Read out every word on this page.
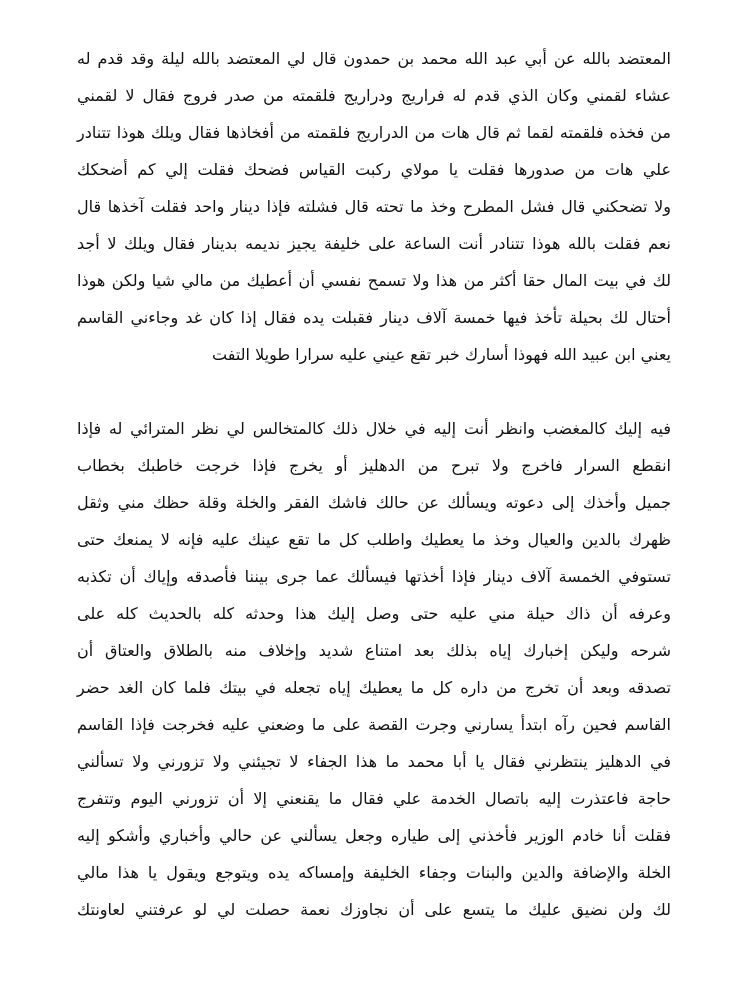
المعتضد بالله عن أبي عبد الله محمد بن حمدون قال لي المعتضد بالله ليلة وقد قدم له
عشاء لقمني وكان الذي قدم له فراريج ودراريج فلقمته من صدر فروج فقال لا لقمني
من فخذه فلقمته لقما ثم قال هات من الدراريج فلقمته من أفخاذها فقال ويلك هوذا تتنادر
علي هات من صدورها فقلت يا مولاي ركبت القياس فضحك فقلت إلي كم أضحكك
ولا تضحكني قال فشل المطرح وخذ ما تحته قال فشلته فإذا دينار واحد فقلت آخذها قال
نعم فقلت بالله هوذا تتنادر أنت الساعة على خليفة يجيز نديمه بدينار فقال ويلك لا أجد
لك في بيت المال حقا أكثر من هذا ولا تسمح نفسي أن أعطيك من مالي شيا ولكن هوذا
أحتال لك بحيلة تأخذ فيها خمسة آلاف دينار فقبلت يده فقال إذا كان غد وجاءني القاسم
يعني ابن عبيد الله فهوذا أسارك خبر تقع عيني عليه سرارا طويلا التفت
فيه إليك كالمغضب وانظر أنت إليه في خلال ذلك كالمتخالس لي نظر المترائي له فإذا
انقطع السرار فاخرج ولا تبرح من الدهليز أو يخرج فإذا خرجت خاطبك بخطاب
جميل وأخذك إلى دعوته ويسألك عن حالك فاشك الفقر والخلة وقلة حظك مني وثقل
ظهرك بالدين والعيال وخذ ما يعطيك واطلب كل ما تقع عينك عليه فإنه لا يمنعك حتى
تستوفي الخمسة آلاف دينار فإذا أخذتها فيسألك عما جرى بيننا فأصدقه وإياك أن تكذبه
وعرفه أن ذاك حيلة مني عليه حتى وصل إليك هذا وحدثه كله بالحديث كله على
شرحه وليكن إخبارك إياه بذلك بعد امتناع شديد وإخلاف منه بالطلاق والعتاق أن
تصدقه وبعد أن تخرج من داره كل ما يعطيك إياه تجعله في بيتك فلما كان الغد حضر
القاسم فحين رآه ابتدأ يسارني وجرت القصة على ما وضعني عليه فخرجت فإذا القاسم
في الدهليز ينتظرني فقال يا أبا محمد ما هذا الجفاء لا تجيئني ولا تزورني ولا تسألني
حاجة فاعتذرت إليه باتصال الخدمة علي فقال ما يقنعني إلا أن تزورني اليوم وتتفرج
فقلت أنا خادم الوزير فأخذني إلى طياره وجعل يسألني عن حالي وأخباري وأشكو إليه
الخلة والإضافة والدين والبنات وجفاء الخليفة وإمساكه يده ويتوجع ويقول يا هذا مالي
لك ولن نضيق عليك ما يتسع على أن نجاوزك نعمة حصلت لي لو عرفتني لعاونتك
